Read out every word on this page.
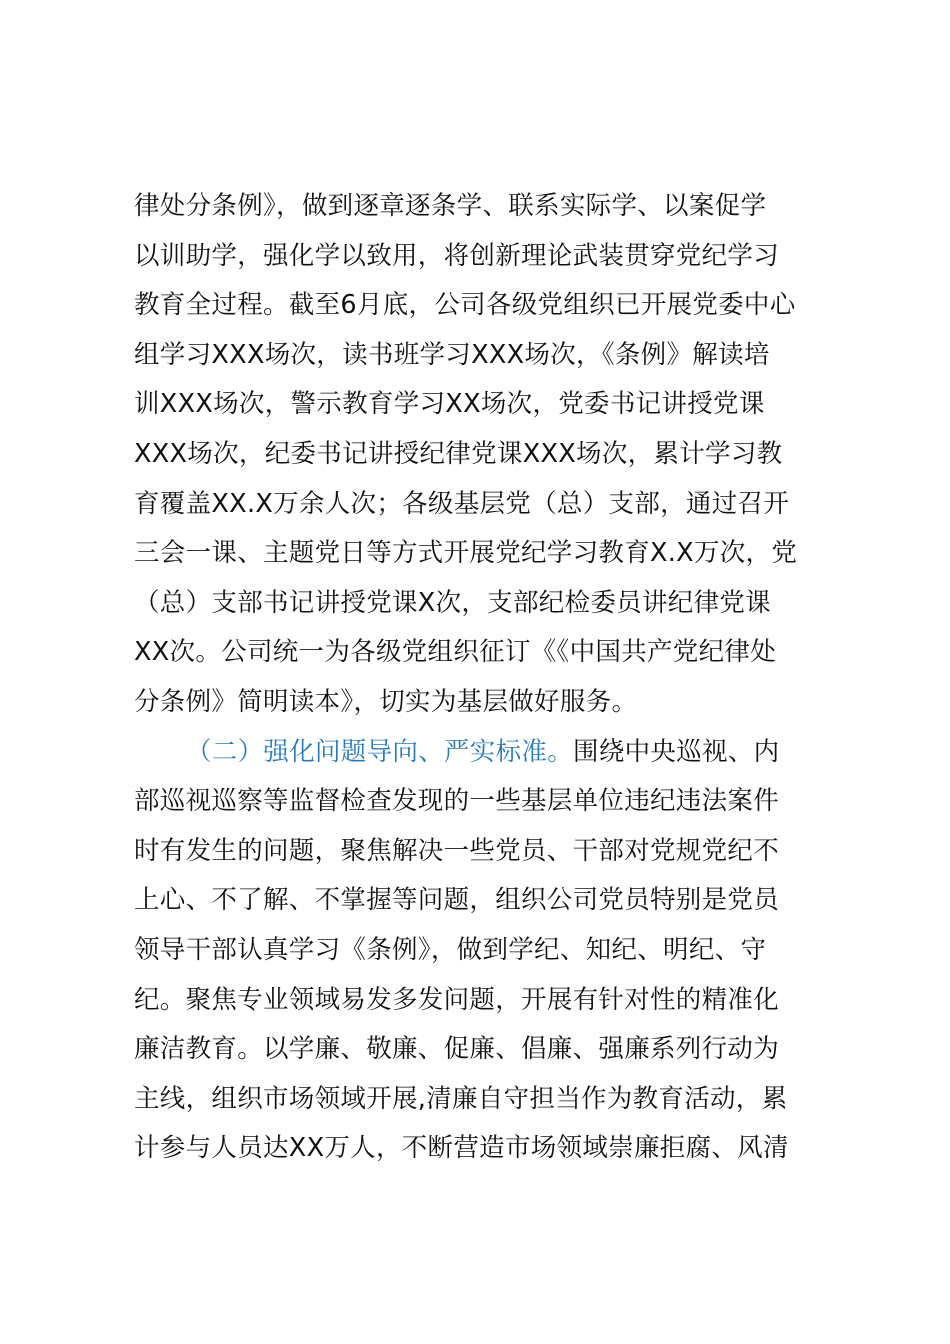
律处分条例》，做到逐章逐条学、联系实际学、以案促学
以训助学，强化学以致用，将创新理论武装贯穿党纪学习
教育全过程。截至6月底，公司各级党组织已开展党委中心
组学习XXX场次，读书班学习XXX场次，《条例》解读培
训XXX场次，警示教育学习XX场次，党委书记讲授党课
XXX场次，纪委书记讲授纪律党课XXX场次，累计学习教
育覆盖XX.X万余人次；各级基层党（总）支部，通过召开
三会一课、主题党日等方式开展党纪学习教育X.X万次，党
（总）支部书记讲授党课X次，支部纪检委员讲纪律党课
XX次。公司统一为各级党组织征订《《中国共产党纪律处
分条例》简明读本》，切实为基层做好服务。
（二）强化问题导向、严实标准。围绕中央巡视、内
部巡视巡察等监督检查发现的一些基层单位违纪违法案件
时有发生的问题，聚焦解决一些党员、干部对党规党纪不
上心、不了解、不掌握等问题，组织公司党员特别是党员
领导干部认真学习《条例》，做到学纪、知纪、明纪、守
纪。聚焦专业领域易发多发问题，开展有针对性的精准化
廉洁教育。以学廉、敬廉、促廉、倡廉、强廉系列行动为
主线，组织市场领域开展,清廉自守担当作为教育活动，累
计参与人员达XX万人，不断营造市场领域崇廉拒腐、风清
